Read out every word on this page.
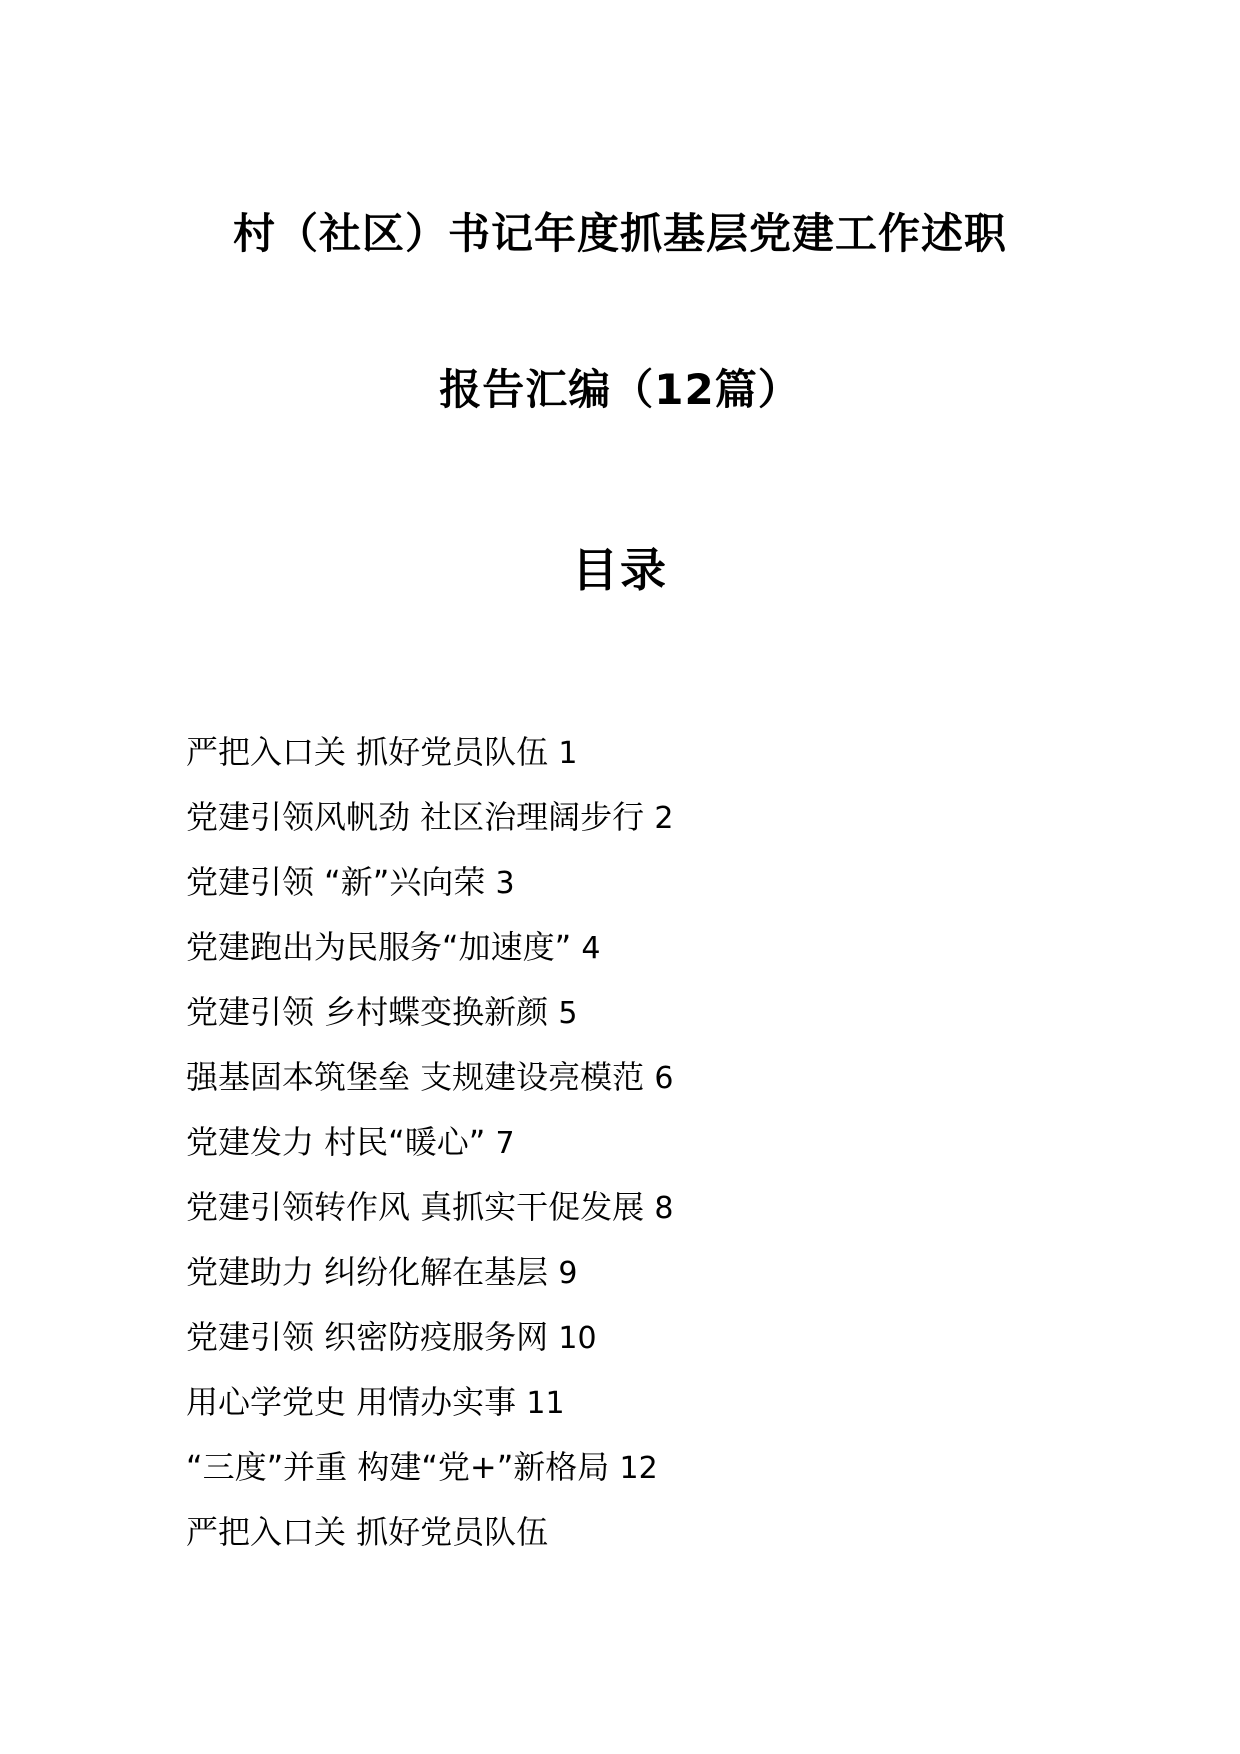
村（社区）书记年度抓基层党建工作述职
报告汇编（12篇）
目录
严把入口关 抓好党员队伍 1
党建引领风帆劲 社区治理阔步行 2
党建引领 “新”兴向荣 3
党建跑出为民服务“加速度” 4
党建引领 乡村蝶变换新颜 5
强基固本筑堡垒 支规建设亮模范 6
党建发力 村民“暖心” 7
党建引领转作风 真抓实干促发展 8
党建助力 纠纷化解在基层 9
党建引领 织密防疫服务网 10
用心学党史 用情办实事 11
“三度”并重 构建“党+”新格局 12
严把入口关 抓好党员队伍
